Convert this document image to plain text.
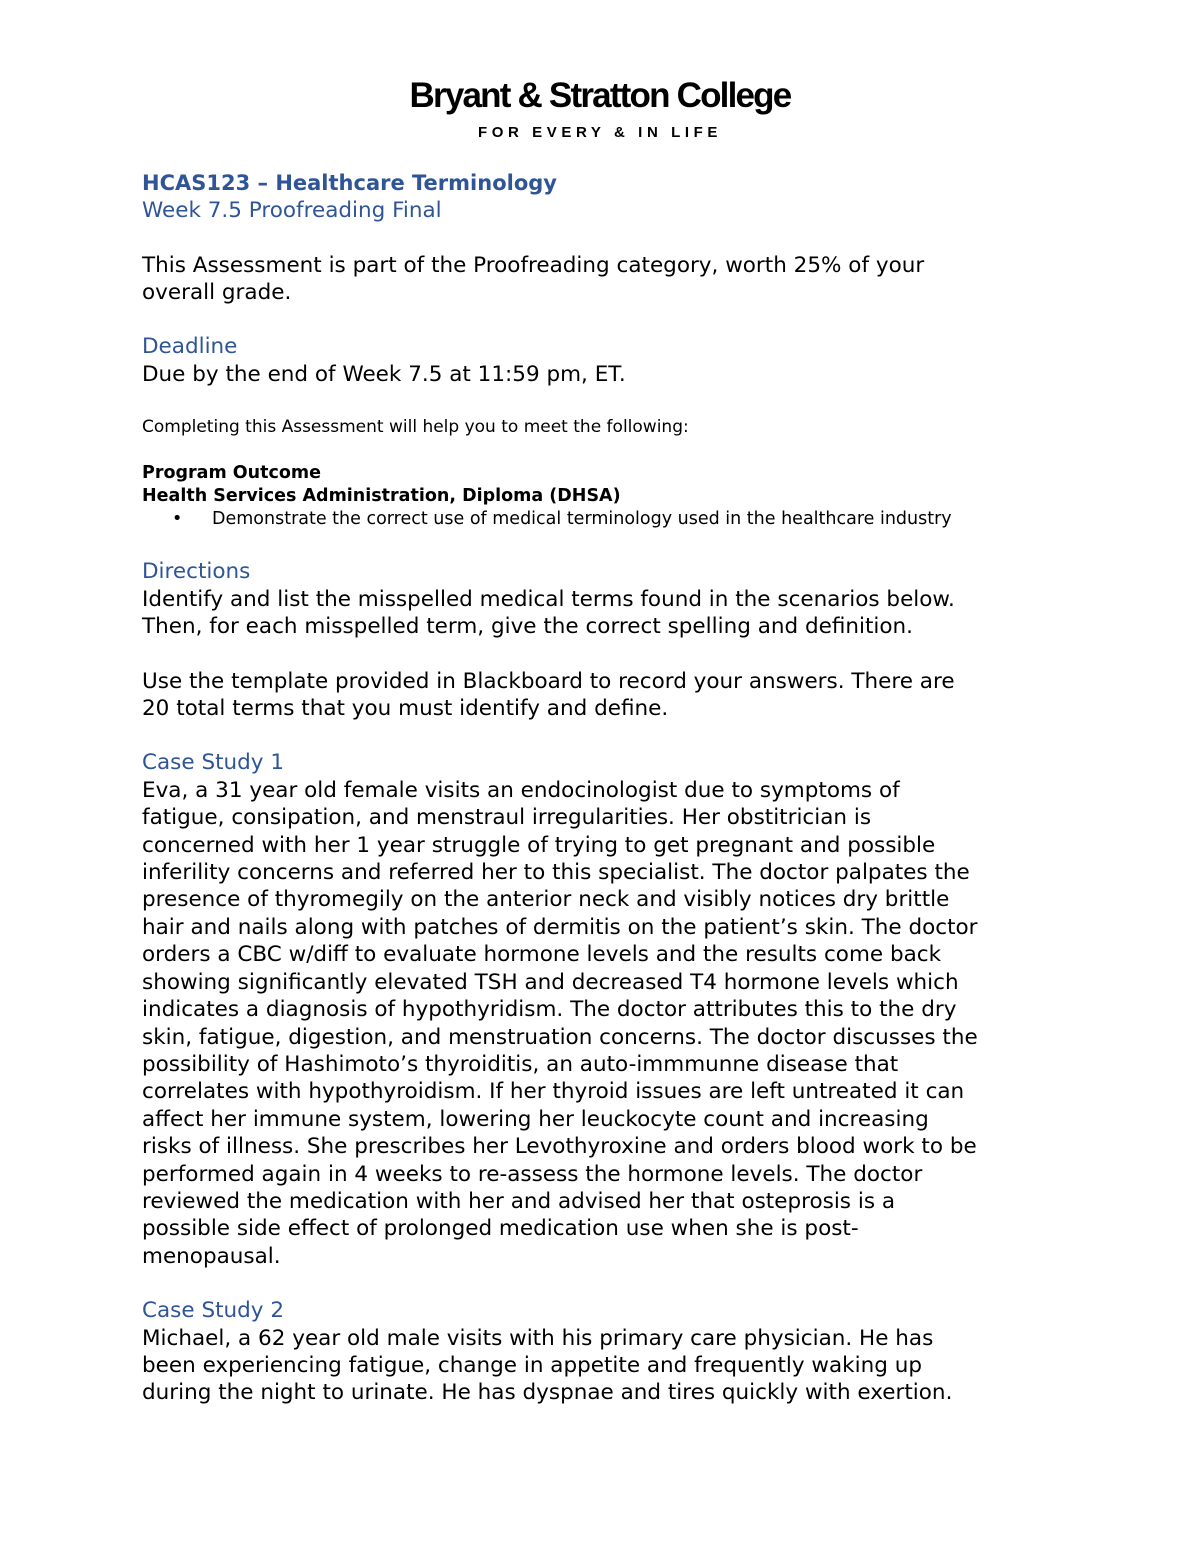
Bryant & Stratton College
FOR EVERY & IN LIFE
HCAS123 – Healthcare Terminology
Week 7.5 Proofreading Final
This Assessment is part of the Proofreading category, worth 25% of your
overall grade.
Deadline
Due by the end of Week 7.5 at 11:59 pm, ET.
Completing this Assessment will help you to meet the following:
Program Outcome
Health Services Administration, Diploma (DHSA)
•	Demonstrate the correct use of medical terminology used in the healthcare industry
Directions
Identify and list the misspelled medical terms found in the scenarios below.
Then, for each misspelled term, give the correct spelling and definition.
Use the template provided in Blackboard to record your answers. There are
20 total terms that you must identify and define.
Case Study 1
Eva, a 31 year old female visits an endocinologist due to symptoms of
fatigue, consipation, and menstraul irregularities. Her obstitrician is
concerned with her 1 year struggle of trying to get pregnant and possible
inferility concerns and referred her to this specialist. The doctor palpates the
presence of thyromegily on the anterior neck and visibly notices dry brittle
hair and nails along with patches of dermitis on the patient’s skin. The doctor
orders a CBC w/diff to evaluate hormone levels and the results come back
showing significantly elevated TSH and decreased T4 hormone levels which
indicates a diagnosis of hypothyridism. The doctor attributes this to the dry
skin, fatigue, digestion, and menstruation concerns. The doctor discusses the
possibility of Hashimoto’s thyroiditis, an auto-immmunne disease that
correlates with hypothyroidism. If her thyroid issues are left untreated it can
affect her immune system, lowering her leuckocyte count and increasing
risks of illness. She prescribes her Levothyroxine and orders blood work to be
performed again in 4 weeks to re-assess the hormone levels. The doctor
reviewed the medication with her and advised her that osteprosis is a
possible side effect of prolonged medication use when she is post-
menopausal.
Case Study 2
Michael, a 62 year old male visits with his primary care physician. He has
been experiencing fatigue, change in appetite and frequently waking up
during the night to urinate. He has dyspnae and tires quickly with exertion.
